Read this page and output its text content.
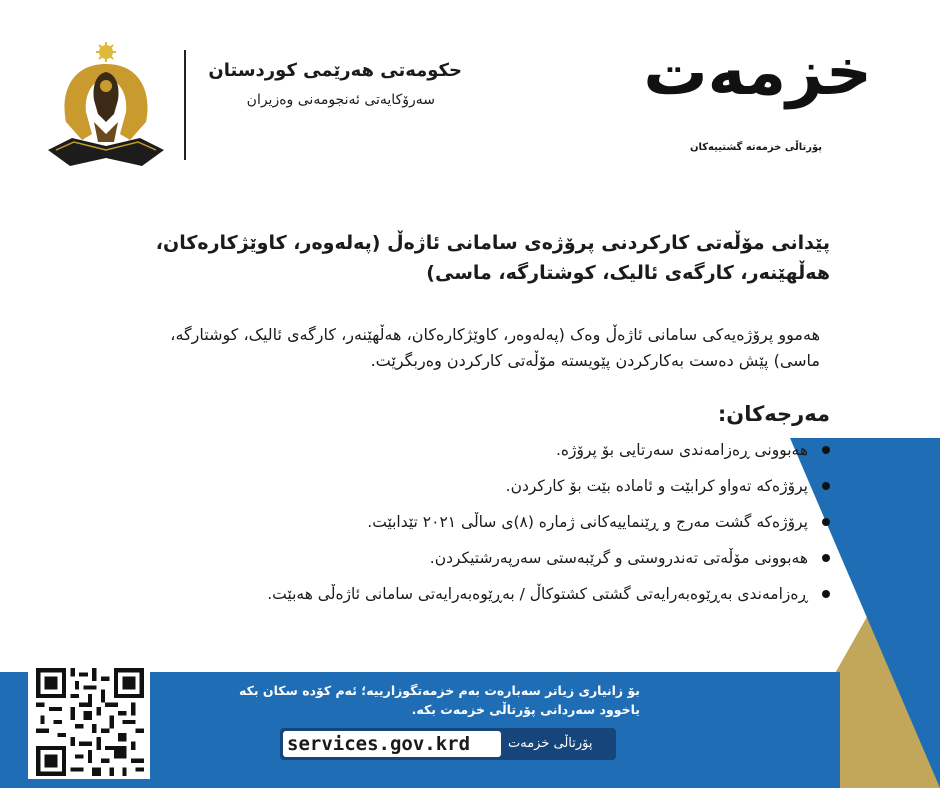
حکومەتی هەرێمی کوردستان
سەرۆکایەتی ئەنجومەنی وەزیران	خزمەت
پۆرتاڵی خزمەتە گشتییەکان
پێدانی مۆڵەتی کارکردنی پرۆژەی سامانی ئاژەڵ (پەلەوەر، کاوێژکارەکان، هەڵهێنەر، کارگەی ئالیک، کوشتارگە، ماسی)
هەموو پرۆژەیەکی سامانی ئاژەڵ وەک (پەلەوەر، کاوێژکارەکان، هەڵهێنەر، کارگەی ئالیک، کوشتارگە، ماسی) پێش دەست بەکارکردن پێویستە مۆڵەتی کارکردن وەربگرێت.
مەرجەکان:
هەبوونی ڕەزامەندی سەرتایی بۆ پرۆژە.
پرۆژەکە تەواو کرابێت و ئامادە بێت بۆ کارکردن.
پرۆژەکە گشت مەرج و ڕێنماییەکانی ژمارە (٨)ی ساڵی ٢٠٢١ تێدابێت.
هەبوونی مۆڵەتی تەندروستی و گرێبەستی سەرپەرشتیکردن.
ڕەزامەندی بەڕێوەبەرایەتی گشتی کشتوکاڵ / بەڕێوەبەرایەتی سامانی ئاژەڵی هەبێت.
بۆ زانیاری زیاتر سەبارەت بەم خزمەتگوزارییە؛ ئەم کۆدە سکان بکە
یاخوود سەردانی پۆرتاڵی خزمەت بکە.
services.gov.krd	پۆرتاڵی خزمەت
